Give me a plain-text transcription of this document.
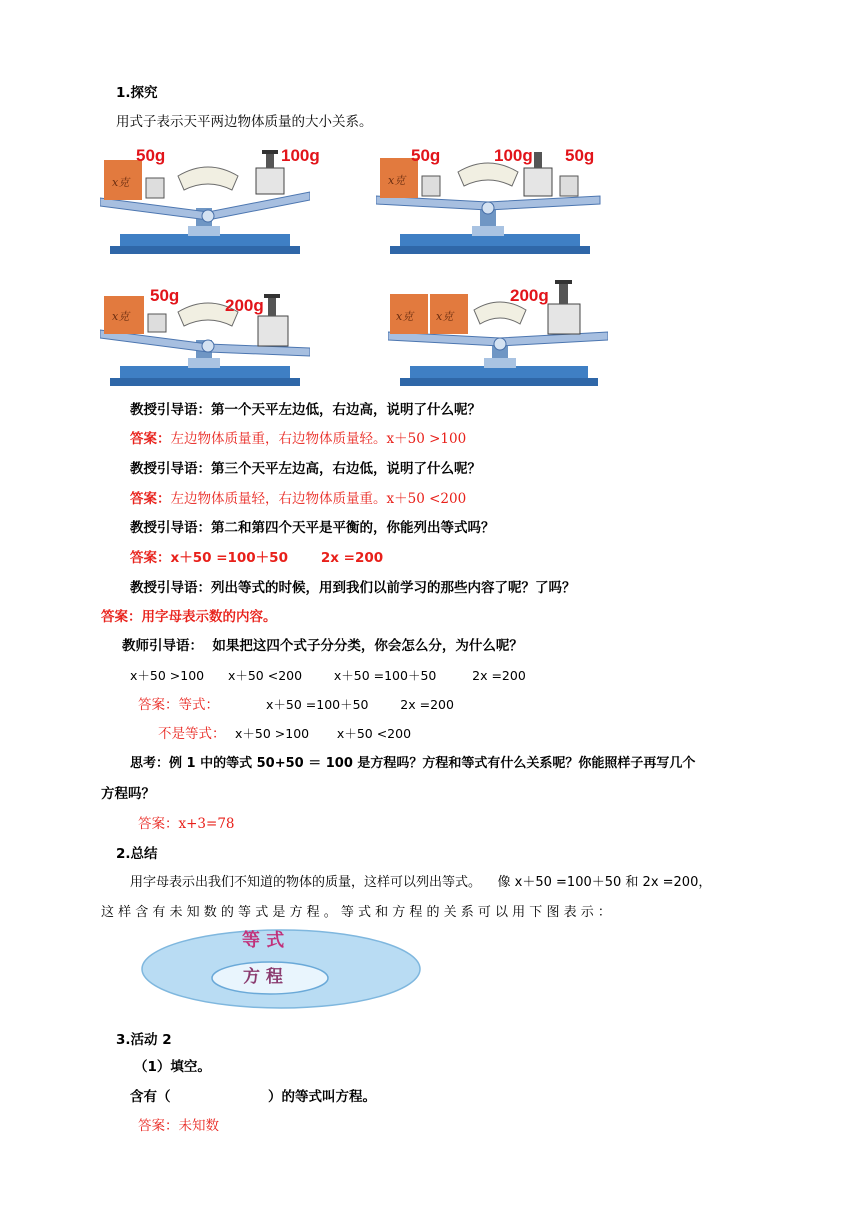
1.探究
用式子表示天平两边物体质量的大小关系。
x克
50g	100g
x克
50g	100g 50g
x克
50g
200g
x克 x克
200g
教授引导语：第一个天平左边低，右边高，说明了什么呢？
答案：左边物体质量重，右边物体质量轻。x＋50 >100
教授引导语：第三个天平左边高，右边低，说明了什么呢？
答案：左边物体质量轻，右边物体质量重。x＋50 <200
教授引导语：第二和第四个天平是平衡的，你能列出等式吗？
答案：x＋50 =100＋50       2x =200
教授引导语：列出等式的时候，用到我们以前学习的那些内容了呢？了吗？
答案：用字母表示数的内容。
教师引导语：  如果把这四个式子分分类，你会怎么分，为什么呢？
x＋50 >100      x＋50 <200        x＋50 =100＋50         2x =200
答案：等式：	x＋50 =100＋50        2x =200
不是等式： x＋50 >100       x＋50 <200
思考：例 1 中的等式 50+50 ＝ 100 是方程吗？方程和等式有什么关系呢？你能照样子再写几个
方程吗？
答案：x+3=78
2.总结
用字母表示出我们不知道的物体的质量，这样可以列出等式。    像 x＋50 =100＋50 和 2x =200，
这 样 含 有 未 知 数 的 等 式 是 方 程 。 等 式 和 方 程 的 关 系 可 以 用 下 图 表 示 ：
等 式
方 程
3.活动 2
（1）填空。
含有（	）的等式叫方程。
答案：未知数
